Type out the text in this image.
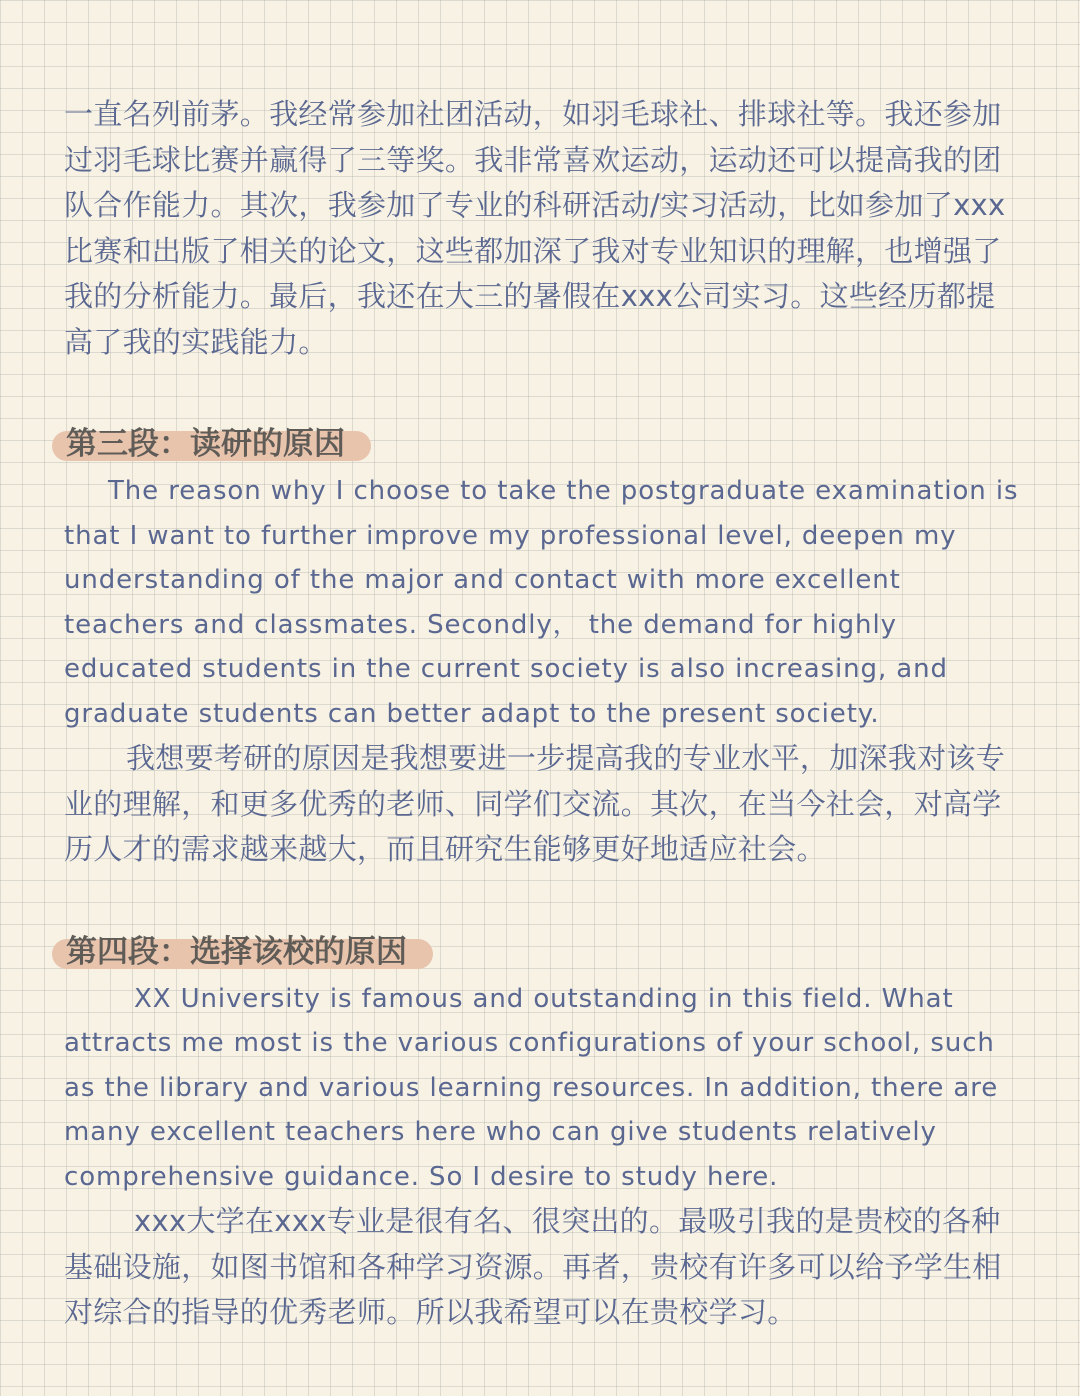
一直名列前茅。我经常参加社团活动，如羽毛球社、排球社等。我还参加过羽毛球比赛并赢得了三等奖。我非常喜欢运动，运动还可以提高我的团队合作能力。其次，我参加了专业的科研活动/实习活动，比如参加了xxx比赛和出版了相关的论文，这些都加深了我对专业知识的理解，也增强了我的分析能力。最后，我还在大三的暑假在xxx公司实习。这些经历都提高了我的实践能力。

第三段：读研的原因

The reason why I choose to take the postgraduate examination is that I want to further improve my professional level, deepen my understanding of the major and contact with more excellent teachers and classmates. Secondly， the demand for highly educated students in the current society is also increasing, and graduate students can better adapt to the present society.

我想要考研的原因是我想要进一步提高我的专业水平，加深我对该专业的理解，和更多优秀的老师、同学们交流。其次，在当今社会，对高学历人才的需求越来越大，而且研究生能够更好地适应社会。

第四段：选择该校的原因

XX University is famous and outstanding in this field. What attracts me most is the various configurations of your school, such as the library and various learning resources. In addition, there are many excellent teachers here who can give students relatively comprehensive guidance. So I desire to study here.

xxx大学在xxx专业是很有名、很突出的。最吸引我的是贵校的各种基础设施，如图书馆和各种学习资源。再者，贵校有许多可以给予学生相对综合的指导的优秀老师。所以我希望可以在贵校学习。
